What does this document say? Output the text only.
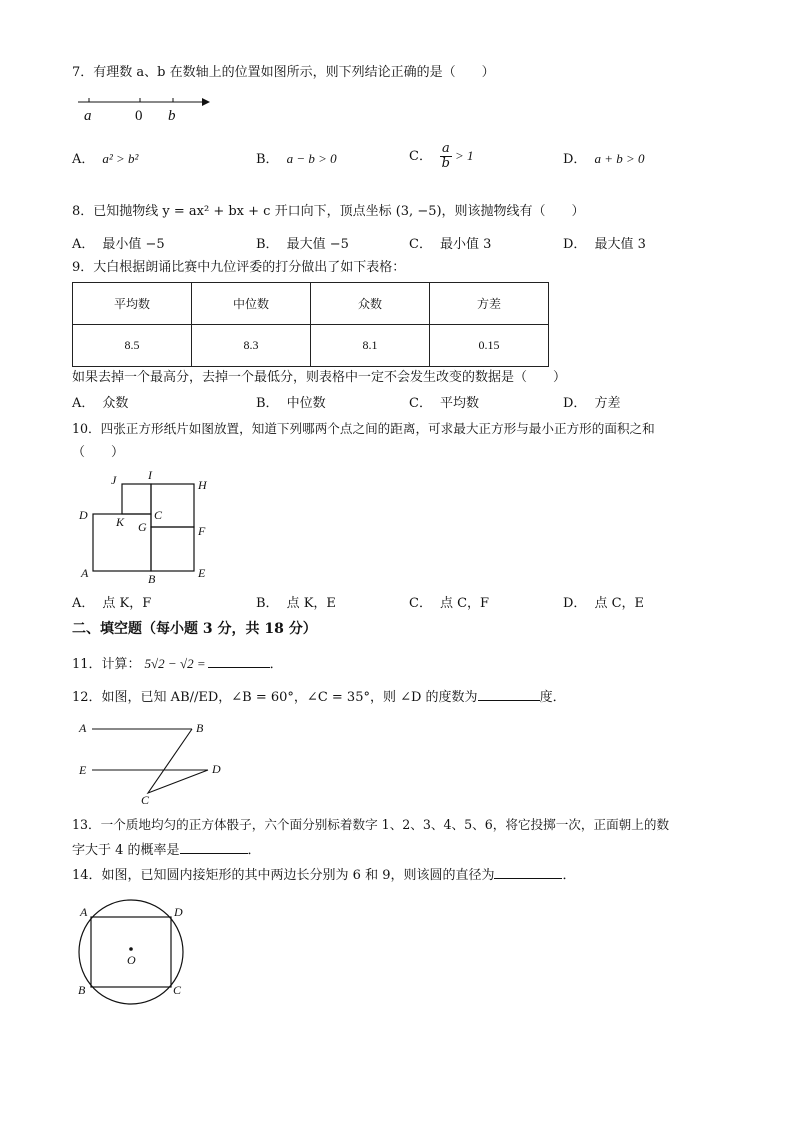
7．有理数 a、b 在数轴上的位置如图所示，则下列结论正确的是（　　）
a	0 b
A． a² > b²	B． a − b > 0	C． $\frac{a}{b} > 1$	D． a + b > 0
8．已知抛物线 y = ax² + bx + c 开口向下，顶点坐标 (3, −5)，则该抛物线有（　　）
A． 最小值 −5	B． 最大值 −5	C． 最小值 3	D． 最大值 3
9．大白根据朗诵比赛中九位评委的打分做出了如下表格：
平均数	中位数	众数	方差
8.5	8.3	8.1	0.15
如果去掉一个最高分，去掉一个最低分，则表格中一定不会发生改变的数据是（　　）
A． 众数	B． 中位数	C． 平均数	D． 方差
10．四张正方形纸片如图放置，知道下列哪两个点之间的距离，可求最大正方形与最小正方形的面积之和
（　　）
J	I
H
D K G
C
F
A	B	E
A． 点 K，F	B． 点 K，E	C． 点 C，F	D． 点 C，E
二、填空题（每小题 3 分，共 18 分）
11．计算： 5√2 − √2 =	．
12．如图，已知 AB//ED，∠B = 60°，∠C = 35°，则 ∠D 的度数为	度．
A	B
E	D
C
13．一个质地均匀的正方体骰子，六个面分别标着数字 1、2、3、4、5、6，将它投掷一次，正面朝上的数
字大于 4 的概率是	．
14．如图，已知圆内接矩形的其中两边长分别为 6 和 9，则该圆的直径为	．
A	D
B	C
O
